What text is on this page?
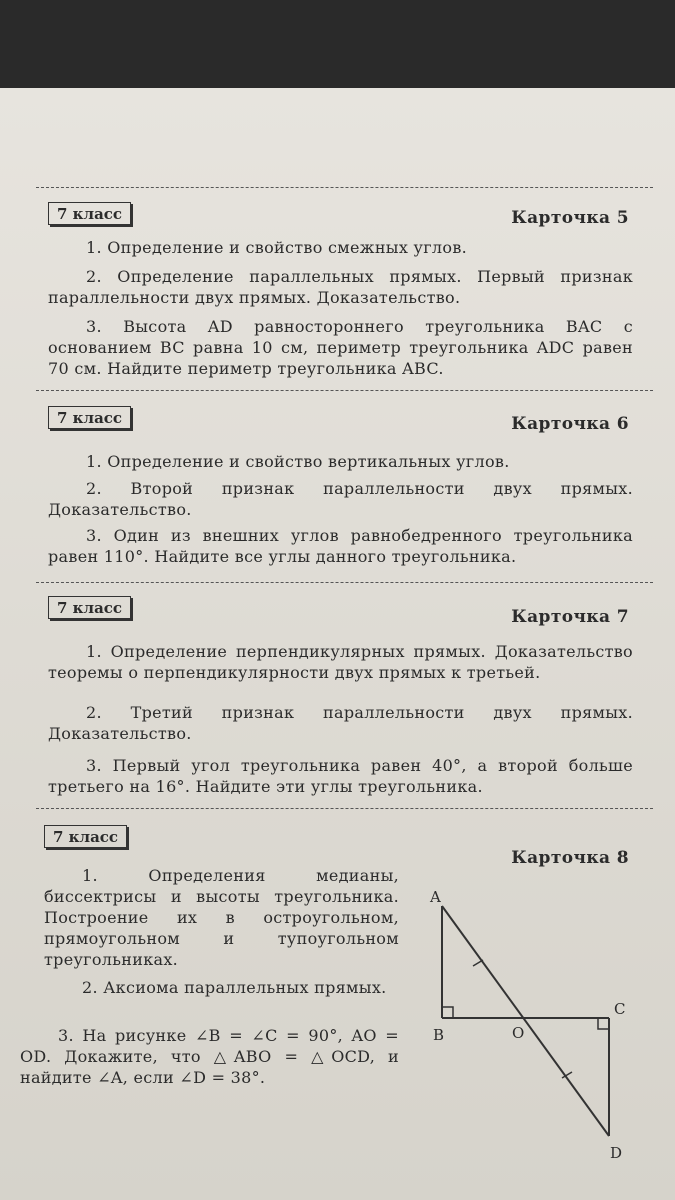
7 класс	Карточка 5
1. Определение и свойство смежных углов.
2. Определение параллельных прямых. Первый признак параллельности двух прямых. Доказательство.
3. Высота AD равностороннего треугольника BAC с основанием BC равна 10 см, периметр треугольника ADC равен 70 см. Найдите периметр треугольника ABC.
7 класс	Карточка 6
1. Определение и свойство вертикальных углов.
2. Второй признак параллельности двух прямых. Доказательство.
3. Один из внешних углов равнобедренного треугольника равен 110°. Найдите все углы данного треугольника.
7 класс	Карточка 7
1. Определение перпендикулярных прямых. Доказательство теоремы о перпендикулярности двух прямых к третьей.
2. Третий признак параллельности двух прямых. Доказательство.
3. Первый угол треугольника равен 40°, а второй больше третьего на 16°. Найдите эти углы треугольника.
7 класс
Карточка 8
1. Определения медианы, биссектрисы и высоты треугольника. Построение их в остроугольном, прямоугольном и тупоугольном треугольниках.
2. Аксиома параллельных прямых.
3. На рисунке ∠B = ∠C = 90°, AO = OD. Докажите, что △ABO = △OCD, и найдите ∠A, если ∠D = 38°.
A
B	O
C
D
